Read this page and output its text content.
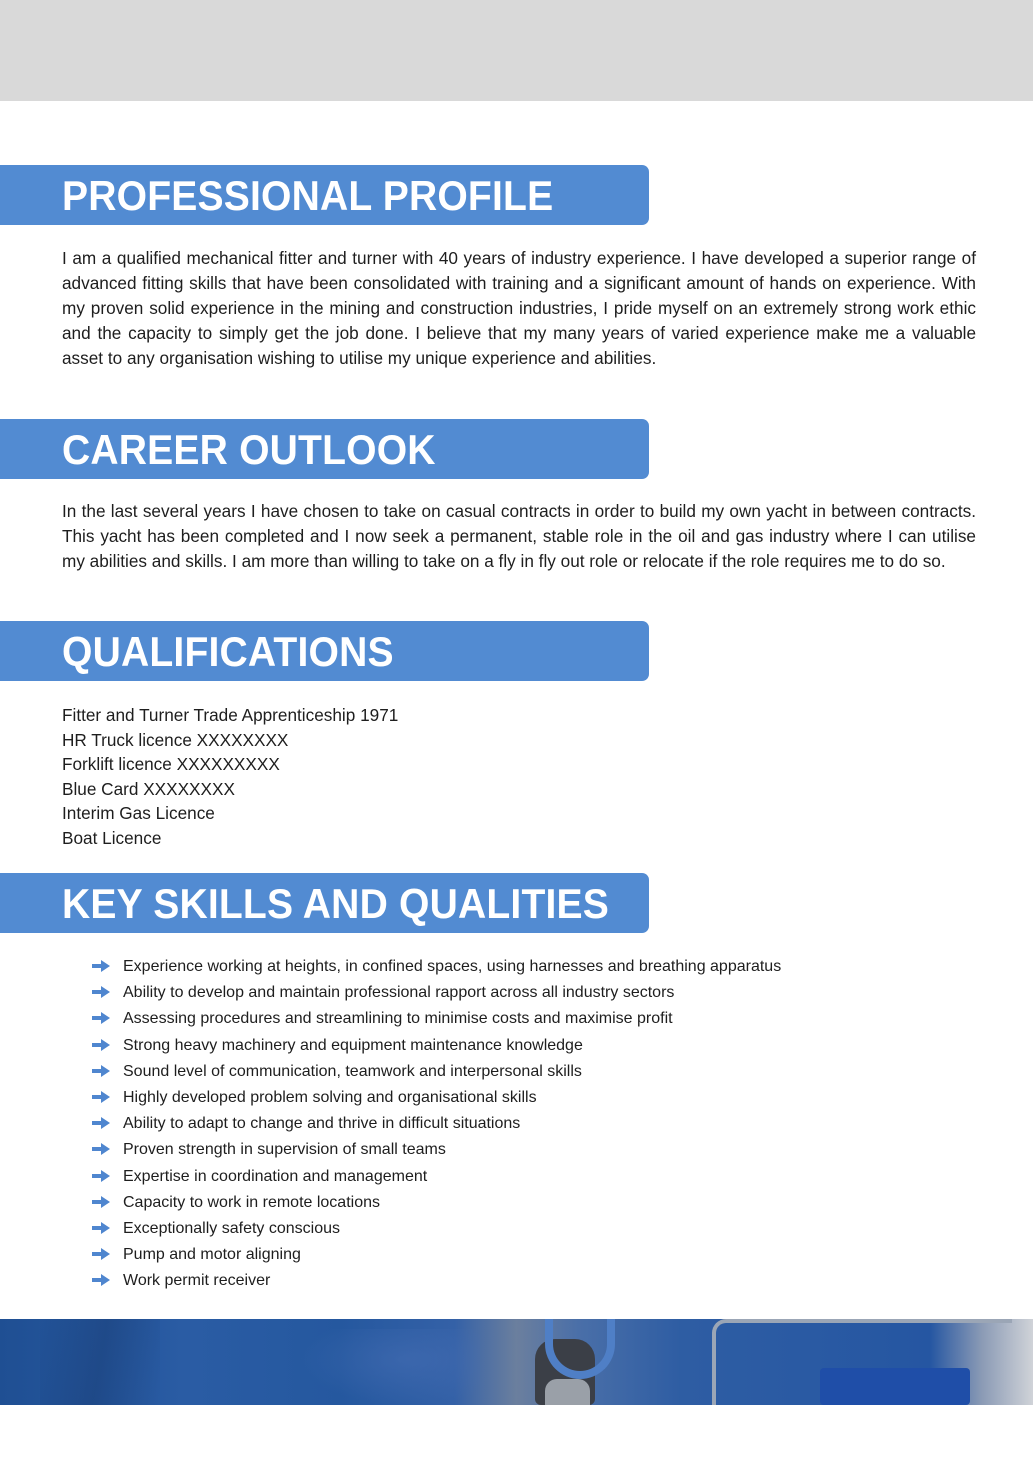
PROFESSIONAL PROFILE

I am a qualified mechanical fitter and turner with 40 years of industry experience. I have developed a superior range of advanced fitting skills that have been consolidated with training and a significant amount of hands on experience. With my proven solid experience in the mining and construction industries, I pride myself on an extremely strong work ethic and the capacity to simply get the job done. I believe that my many years of varied experience make me a valuable asset to any organisation wishing to utilise my unique experience and abilities.

CAREER OUTLOOK

In the last several years I have chosen to take on casual contracts in order to build my own yacht in between contracts. This yacht has been completed and I now seek a permanent, stable role in the oil and gas industry where I can utilise my abilities and skills. I am more than willing to take on a fly in fly out role or relocate if the role requires me to do so.

QUALIFICATIONS
Fitter and Turner Trade Apprenticeship 1971
HR Truck licence XXXXXXXX
Forklift licence XXXXXXXXX
Blue Card XXXXXXXX
Interim Gas Licence
Boat Licence
KEY SKILLS AND QUALITIES
Experience working at heights, in confined spaces, using harnesses and breathing apparatus
Ability to develop and maintain professional rapport across all industry sectors
Assessing procedures and streamlining to minimise costs and maximise profit
Strong heavy machinery and equipment maintenance knowledge
Sound level of communication, teamwork and interpersonal skills
Highly developed problem solving and organisational skills
Ability to adapt to change and thrive in difficult situations
Proven strength in supervision of small teams
Expertise in coordination and management
Capacity to work in remote locations
Exceptionally safety conscious
Pump and motor aligning
Work permit receiver
